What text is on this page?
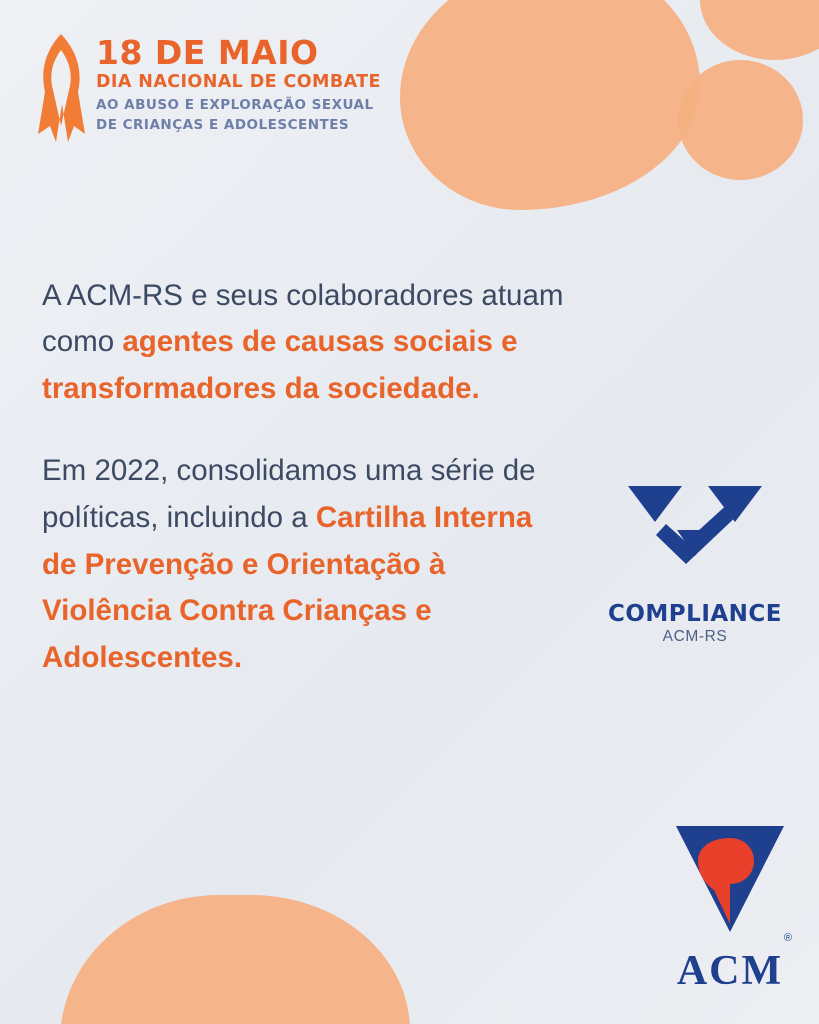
18 DE MAIO
DIA NACIONAL DE COMBATE
AO ABUSO E EXPLORAÇÃO SEXUAL
DE CRIANÇAS E ADOLESCENTES

A ACM-RS e seus colaboradores atuam como agentes de causas sociais e transformadores da sociedade.

Em 2022, consolidamos uma série de políticas, incluindo a Cartilha Interna de Prevenção e Orientação à Violência Contra Crianças e Adolescentes.

COMPLIANCE
ACM-RS
®
ACM
